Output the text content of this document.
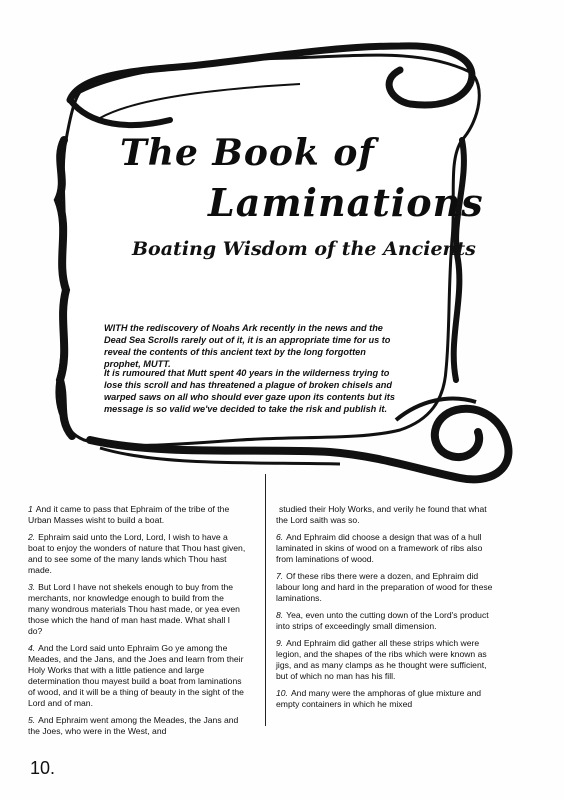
The Book of
Laminations
Boating Wisdom of the Ancients

WITH the rediscovery of Noahs Ark recently in the news and the Dead Sea Scrolls rarely out of it, it is an appropriate time for us to reveal the contents of this ancient text by the long forgotten prophet, MUTT.

It is rumoured that Mutt spent 40 years in the wilderness trying to lose this scroll and has threatened a plague of broken chisels and warped saws on all who should ever gaze upon its contents but its message is so valid we've decided to take the risk and publish it.

1 And it came to pass that Ephraim of the tribe of the Urban Masses wisht to build a boat.

2. Ephraim said unto the Lord, Lord, I wish to have a boat to enjoy the wonders of nature that Thou hast given, and to see some of the many lands which Thou hast made.

3. But Lord I have not shekels enough to buy from the merchants, nor knowledge enough to build from the many wondrous materials Thou hast made, or yea even those which the hand of man hast made. What shall I do?

4. And the Lord said unto Ephraim Go ye among the Meades, and the Jans, and the Joes and learn from their Holy Works that with a little patience and large determination thou mayest build a boat from laminations of wood, and it will be a thing of beauty in the sight of the Lord and of man.

5. And Ephraim went among the Meades, the Jans and the Joes, who were in the West, and

studied their Holy Works, and verily he found that what the Lord saith was so.

6. And Ephraim did choose a design that was of a hull laminated in skins of wood on a framework of ribs also from laminations of wood.

7. Of these ribs there were a dozen, and Ephraim did labour long and hard in the preparation of wood for these laminations.

8. Yea, even unto the cutting down of the Lord's product into strips of exceedingly small dimension.

9. And Ephraim did gather all these strips which were legion, and the shapes of the ribs which were known as jigs, and as many clamps as he thought were sufficient, but of which no man has his fill.

10. And many were the amphoras of glue mixture and empty containers in which he mixed

10.
